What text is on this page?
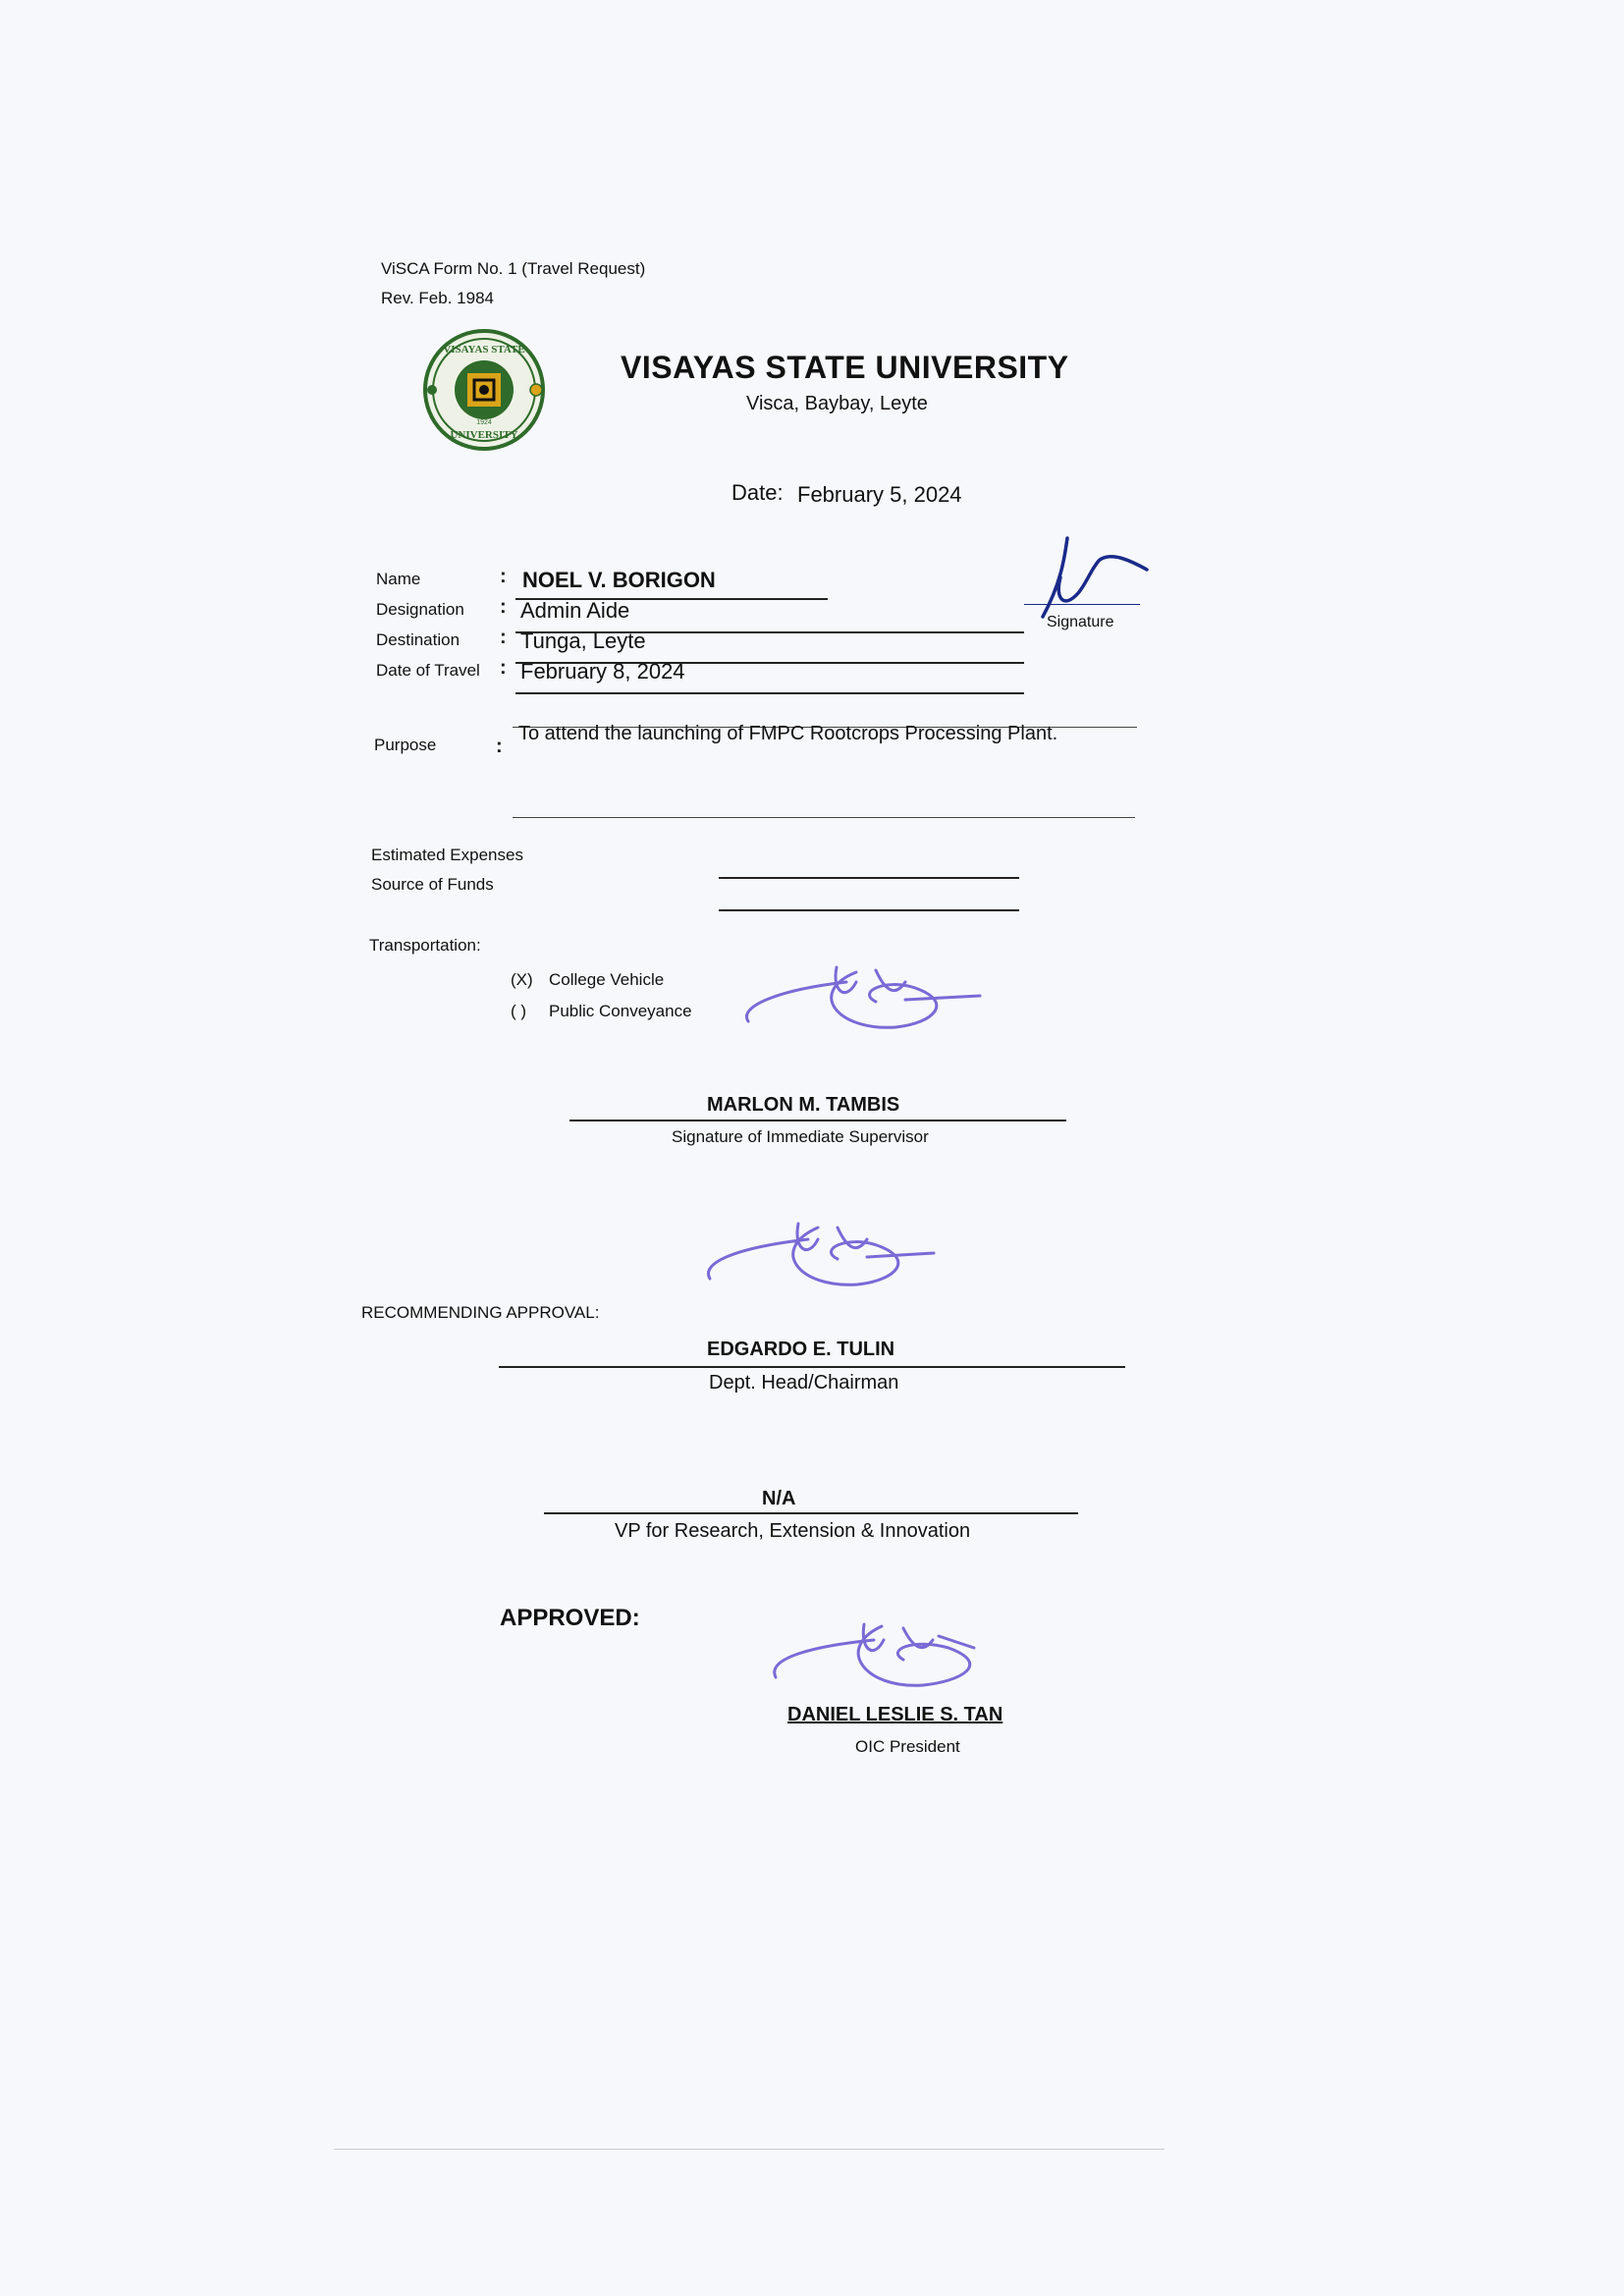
ViSCA Form No. 1 (Travel Request)
Rev. Feb. 1984
VISAYAS STATE
UNIVERSITY
1924
VISAYAS STATE UNIVERSITY
Visca, Baybay, Leyte
Date: February 5, 2024
Name
Designation
Destination
Date of Travel
:
:
:
:
NOEL V. BORIGON
Admin Aide
Tunga, Leyte
February 8, 2024
Signature
Purpose	:
To attend the launching of FMPC Rootcrops Processing Plant.
Estimated Expenses
Source of Funds
Transportation:
(X) College Vehicle
( ) Public Conveyance
MARLON M. TAMBIS
Signature of Immediate Supervisor
RECOMMENDING APPROVAL:
EDGARDO E. TULIN
Dept. Head/Chairman
N/A
VP for Research, Extension & Innovation
APPROVED:
DANIEL LESLIE S. TAN
OIC President
